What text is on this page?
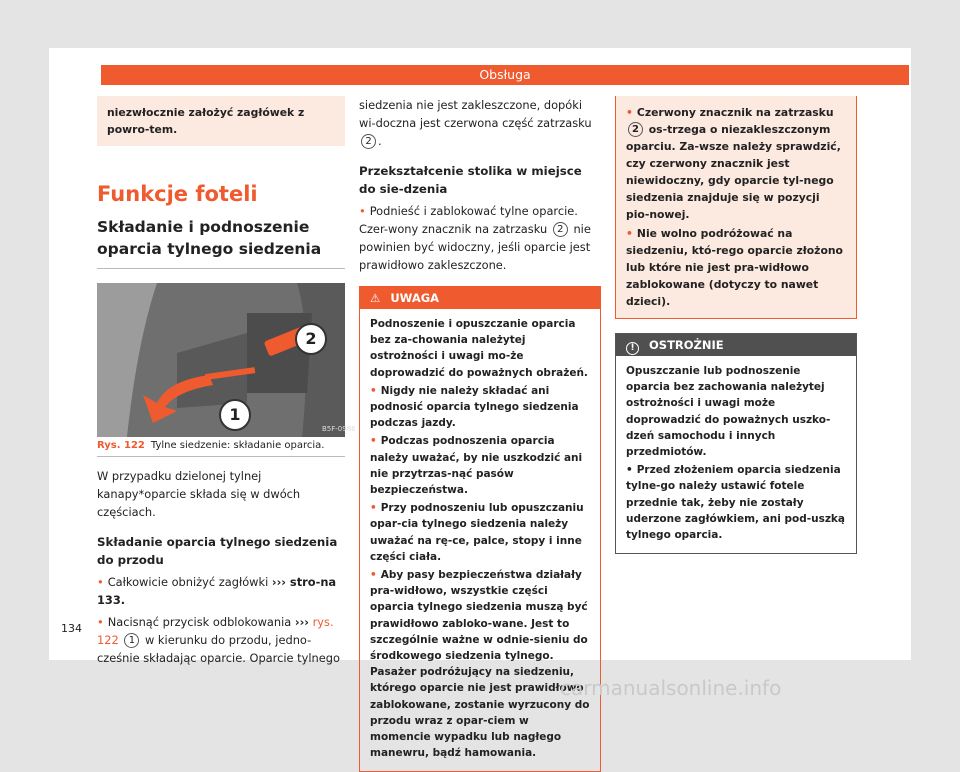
Obsługa
niezwłocznie założyć zagłówek z powro-tem.
Funkcje foteli
Składanie i podnoszenie oparcia tylnego siedzenia
B5F-0986
2
1
Rys. 122 Tylne siedzenie: składanie oparcia.

W przypadku dzielonej tylnej kanapy*oparcie składa się w dwóch częściach.

Składanie oparcia tylnego siedzenia do przodu

• Całkowicie obniżyć zagłówki ››› stro-na 133.

• Nacisnąć przycisk odblokowania ››› rys. 122 1 w kierunku do przodu, jedno-cześnie składając oparcie. Oparcie tylnego

siedzenia nie jest zakleszczone, dopóki wi-doczna jest czerwona część zatrzasku 2 .

Przekształcenie stolika w miejsce do sie-dzenia

• Podnieść i zablokować tylne oparcie. Czer-wony znacznik na zatrzasku 2 nie powinien być widoczny, jeśli oparcie jest prawidłowo zakleszczone.

⚠ UWAGA

Podnoszenie i opuszczanie oparcia bez za-chowania należytej ostrożności i uwagi mo-że doprowadzić do poważnych obrażeń.

• Nigdy nie należy składać ani podnosić oparcia tylnego siedzenia podczas jazdy.

• Podczas podnoszenia oparcia należy uważać, by nie uszkodzić ani nie przytrzas-nąć pasów bezpieczeństwa.

• Przy podnoszeniu lub opuszczaniu opar-cia tylnego siedzenia należy uważać na rę-ce, palce, stopy i inne części ciała.

• Aby pasy bezpieczeństwa działały pra-widłowo, wszystkie części oparcia tylnego siedzenia muszą być prawidłowo zabloko-wane. Jest to szczególnie ważne w odnie-sieniu do środkowego siedzenia tylnego. Pasażer podróżujący na siedzeniu, którego oparcie nie jest prawidłowo zablokowane, zostanie wyrzucony do przodu wraz z opar-ciem w momencie wypadku lub nagłego manewru, bądź hamowania.

• Czerwony znacznik na zatrzasku 2 os-trzega o niezakleszczonym oparciu. Za-wsze należy sprawdzić, czy czerwony znacznik jest niewidoczny, gdy oparcie tyl-nego siedzenia znajduje się w pozycji pio-nowej.

• Nie wolno podróżować na siedzeniu, któ-rego oparcie złożono lub które nie jest pra-widłowo zablokowane (dotyczy to nawet dzieci).

! OSTROŻNIE

Opuszczanie lub podnoszenie oparcia bez zachowania należytej ostrożności i uwagi może doprowadzić do poważnych uszko-dzeń samochodu i innych przedmiotów.

• Przed złożeniem oparcia siedzenia tylne-go należy ustawić fotele przednie tak, żeby nie zostały uderzone zagłówkiem, ani pod-uszką tylnego oparcia.

134
carmanualsonline.info
